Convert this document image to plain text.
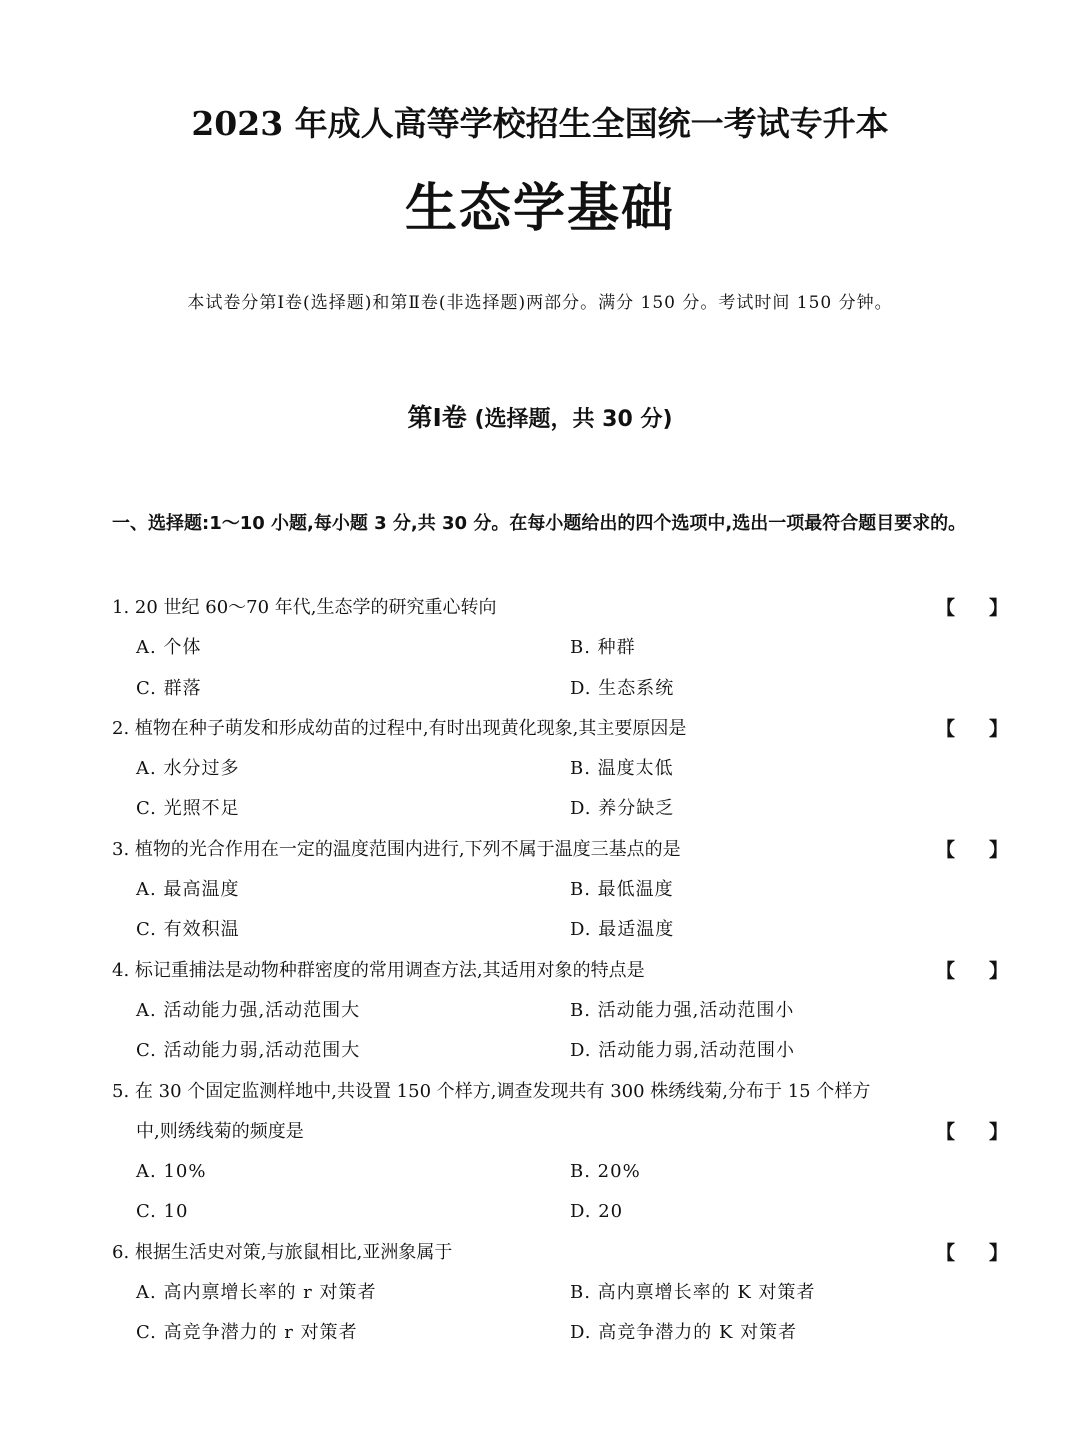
2023 年成人高等学校招生全国统一考试专升本
生态学基础
本试卷分第Ⅰ卷(选择题)和第Ⅱ卷(非选择题)两部分。满分 150 分。考试时间 150 分钟。
第Ⅰ卷 (选择题，共 30 分)
一、选择题:1～10 小题,每小题 3 分,共 30 分。在每小题给出的四个选项中,选出一项最符合题目要求的。
1. 20 世纪 60～70 年代,生态学的研究重心转向	【 】
A. 个体	B. 种群
C. 群落	D. 生态系统
2. 植物在种子萌发和形成幼苗的过程中,有时出现黄化现象,其主要原因是	【 】
A. 水分过多	B. 温度太低
C. 光照不足	D. 养分缺乏
3. 植物的光合作用在一定的温度范围内进行,下列不属于温度三基点的是	【 】
A. 最高温度	B. 最低温度
C. 有效积温	D. 最适温度
4. 标记重捕法是动物种群密度的常用调查方法,其适用对象的特点是	【 】
A. 活动能力强,活动范围大	B. 活动能力强,活动范围小
C. 活动能力弱,活动范围大	D. 活动能力弱,活动范围小
5. 在 30 个固定监测样地中,共设置 150 个样方,调查发现共有 300 株绣线菊,分布于 15 个样方
中,则绣线菊的频度是	【 】
A. 10%	B. 20%
C. 10	D. 20
6. 根据生活史对策,与旅鼠相比,亚洲象属于	【 】
A. 高内禀增长率的 r 对策者	B. 高内禀增长率的 K 对策者
C. 高竞争潜力的 r 对策者	D. 高竞争潜力的 K 对策者
